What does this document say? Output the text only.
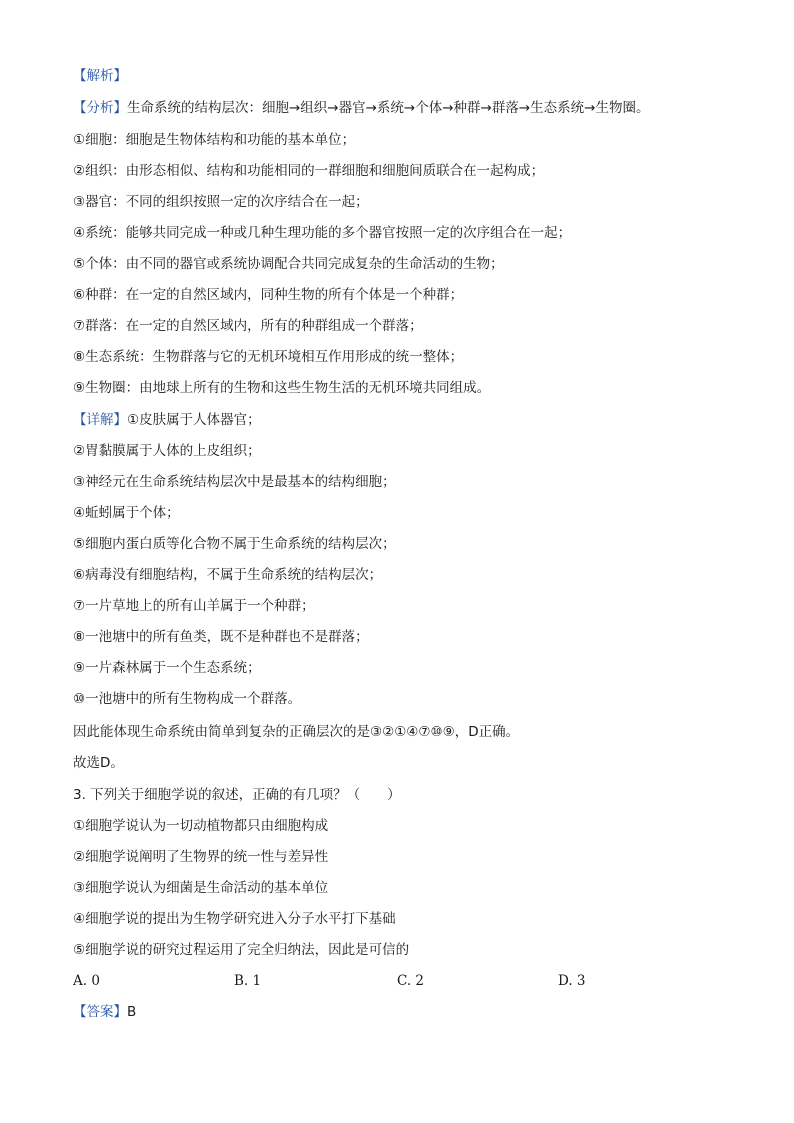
【解析】
【分析】生命系统的结构层次：细胞→组织→器官→系统→个体→种群→群落→生态系统→生物圈。
①细胞：细胞是生物体结构和功能的基本单位；
②组织：由形态相似、结构和功能相同的一群细胞和细胞间质联合在一起构成；
③器官：不同的组织按照一定的次序结合在一起；
④系统：能够共同完成一种或几种生理功能的多个器官按照一定的次序组合在一起；
⑤个体：由不同的器官或系统协调配合共同完成复杂的生命活动的生物；
⑥种群：在一定的自然区域内，同种生物的所有个体是一个种群；
⑦群落：在一定的自然区域内，所有的种群组成一个群落；
⑧生态系统：生物群落与它的无机环境相互作用形成的统一整体；
⑨生物圈：由地球上所有的生物和这些生物生活的无机环境共同组成。
【详解】①皮肤属于人体器官；
②胃黏膜属于人体的上皮组织；
③神经元在生命系统结构层次中是最基本的结构细胞；
④蚯蚓属于个体；
⑤细胞内蛋白质等化合物不属于生命系统的结构层次；
⑥病毒没有细胞结构，不属于生命系统的结构层次；
⑦一片草地上的所有山羊属于一个种群；
⑧一池塘中的所有鱼类，既不是种群也不是群落；
⑨一片森林属于一个生态系统；
⑩一池塘中的所有生物构成一个群落。
因此能体现生命系统由简单到复杂的正确层次的是③②①④⑦⑩⑨，D正确。
故选D。
3. 下列关于细胞学说的叙述，正确的有几项？（　　）
①细胞学说认为一切动植物都只由细胞构成
②细胞学说阐明了生物界的统一性与差异性
③细胞学说认为细菌是生命活动的基本单位
④细胞学说的提出为生物学研究进入分子水平打下基础
⑤细胞学说的研究过程运用了完全归纳法，因此是可信的
A. 0	B. 1	C. 2	D. 3
【答案】B
